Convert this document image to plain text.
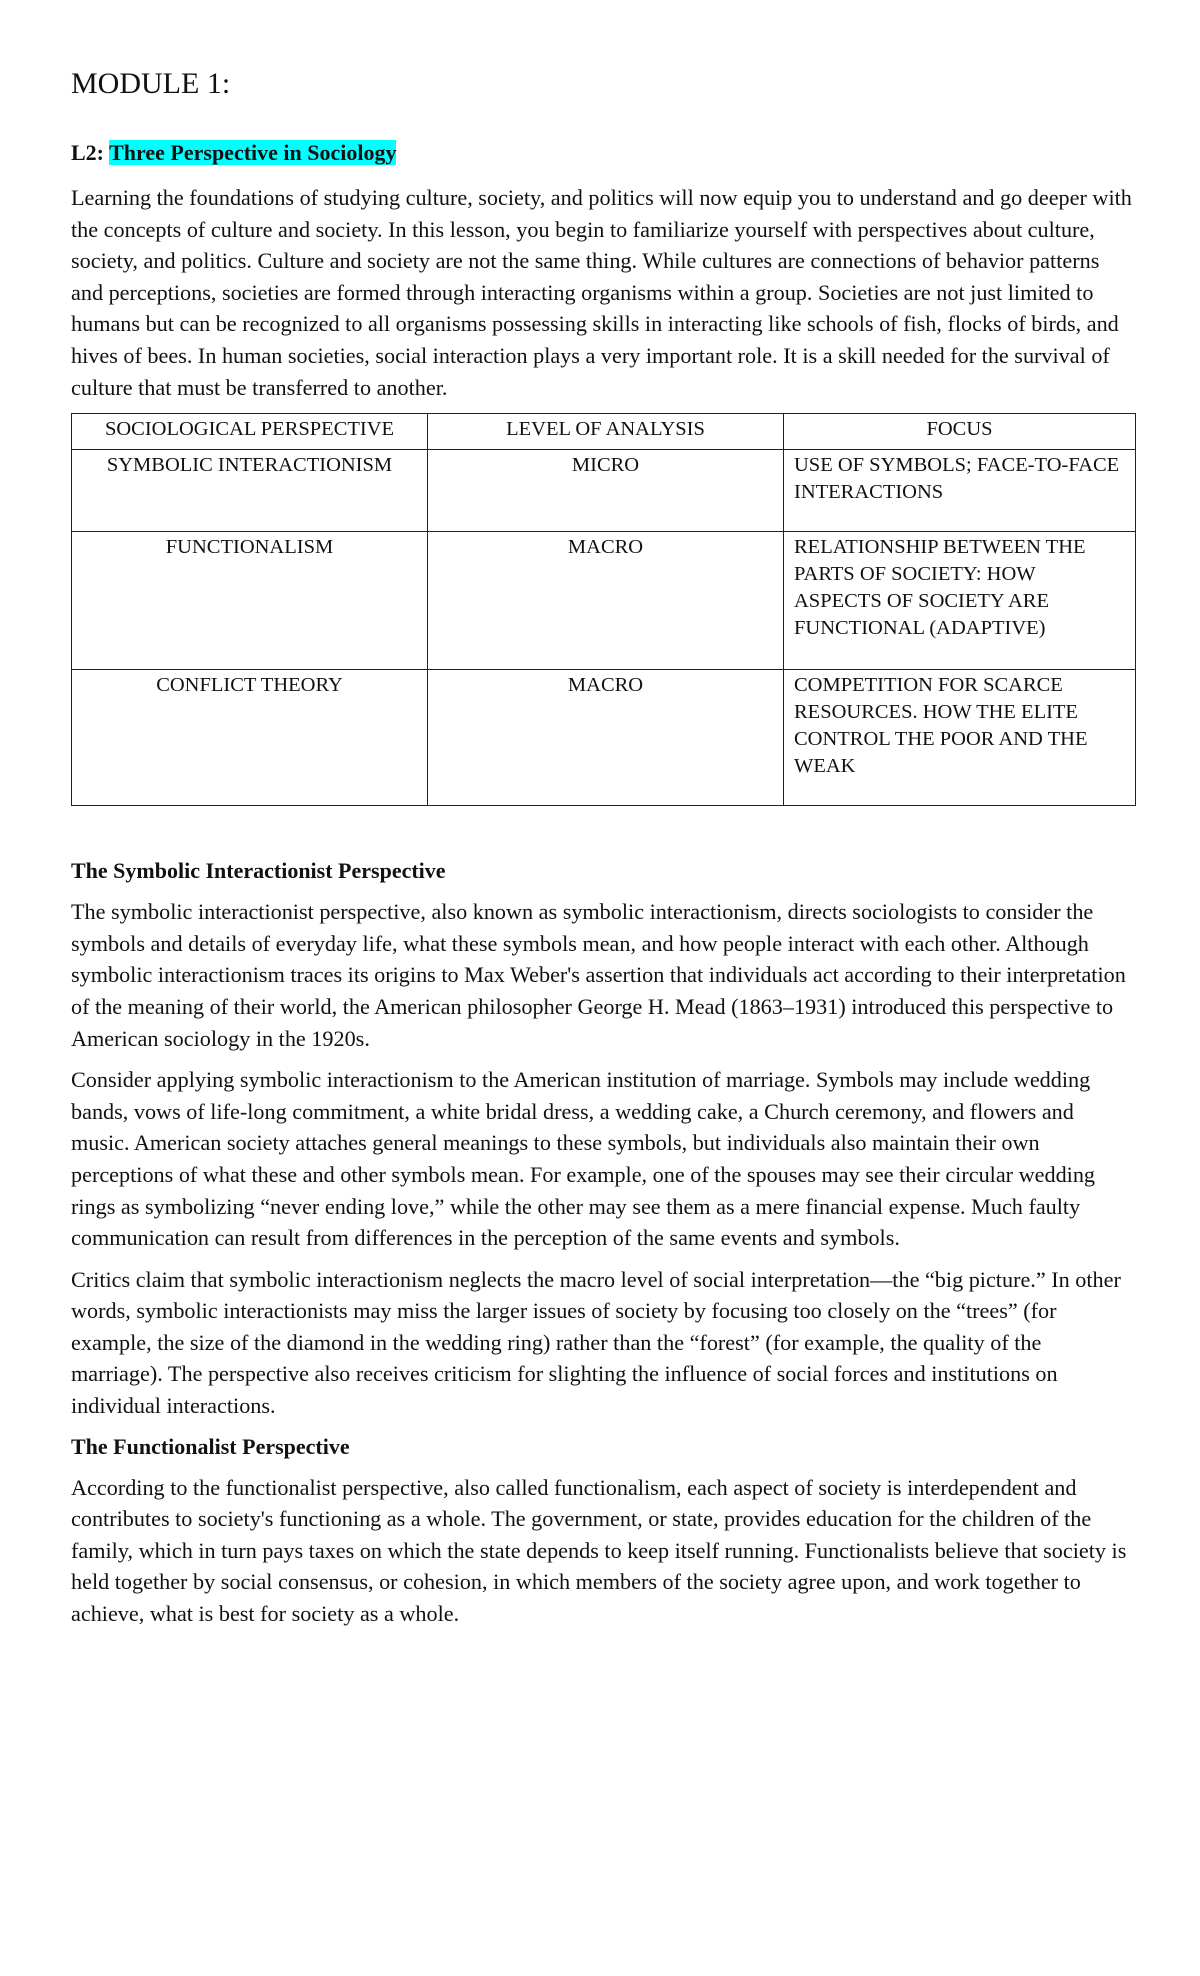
MODULE 1:
L2: Three Perspective in Sociology

Learning the foundations of studying culture, society, and politics will now equip you to understand and go deeper with the concepts of culture and society. In this lesson, you begin to familiarize yourself with perspectives about culture, society, and politics. Culture and society are not the same thing. While cultures are connections of behavior patterns and perceptions, societies are formed through interacting organisms within a group. Societies are not just limited to humans but can be recognized to all organisms possessing skills in interacting like schools of fish, flocks of birds, and hives of bees. In human societies, social interaction plays a very important role. It is a skill needed for the survival of culture that must be transferred to another.

SOCIOLOGICAL PERSPECTIVE	LEVEL OF ANALYSIS	FOCUS
SYMBOLIC INTERACTIONISM	MICRO	USE OF SYMBOLS; FACE-TO-FACE INTERACTIONS
FUNCTIONALISM	MACRO	RELATIONSHIP BETWEEN THE PARTS OF SOCIETY: HOW ASPECTS OF SOCIETY ARE FUNCTIONAL (ADAPTIVE)
CONFLICT THEORY	MACRO	COMPETITION FOR SCARCE RESOURCES. HOW THE ELITE CONTROL THE POOR AND THE WEAK
The Symbolic Interactionist Perspective

The symbolic interactionist perspective, also known as symbolic interactionism, directs sociologists to consider the symbols and details of everyday life, what these symbols mean, and how people interact with each other. Although symbolic interactionism traces its origins to Max Weber's assertion that individuals act according to their interpretation of the meaning of their world, the American philosopher George H. Mead (1863–1931) introduced this perspective to American sociology in the 1920s.

Consider applying symbolic interactionism to the American institution of marriage. Symbols may include wedding bands, vows of life-long commitment, a white bridal dress, a wedding cake, a Church ceremony, and flowers and music. American society attaches general meanings to these symbols, but individuals also maintain their own perceptions of what these and other symbols mean. For example, one of the spouses may see their circular wedding rings as symbolizing “never ending love,” while the other may see them as a mere financial expense. Much faulty communication can result from differences in the perception of the same events and symbols.

Critics claim that symbolic interactionism neglects the macro level of social interpretation—the “big picture.” In other words, symbolic interactionists may miss the larger issues of society by focusing too closely on the “trees” (for example, the size of the diamond in the wedding ring) rather than the “forest” (for example, the quality of the marriage). The perspective also receives criticism for slighting the influence of social forces and institutions on individual interactions.

The Functionalist Perspective

According to the functionalist perspective, also called functionalism, each aspect of society is interdependent and contributes to society's functioning as a whole. The government, or state, provides education for the children of the family, which in turn pays taxes on which the state depends to keep itself running. Functionalists believe that society is held together by social consensus, or cohesion, in which members of the society agree upon, and work together to achieve, what is best for society as a whole.
